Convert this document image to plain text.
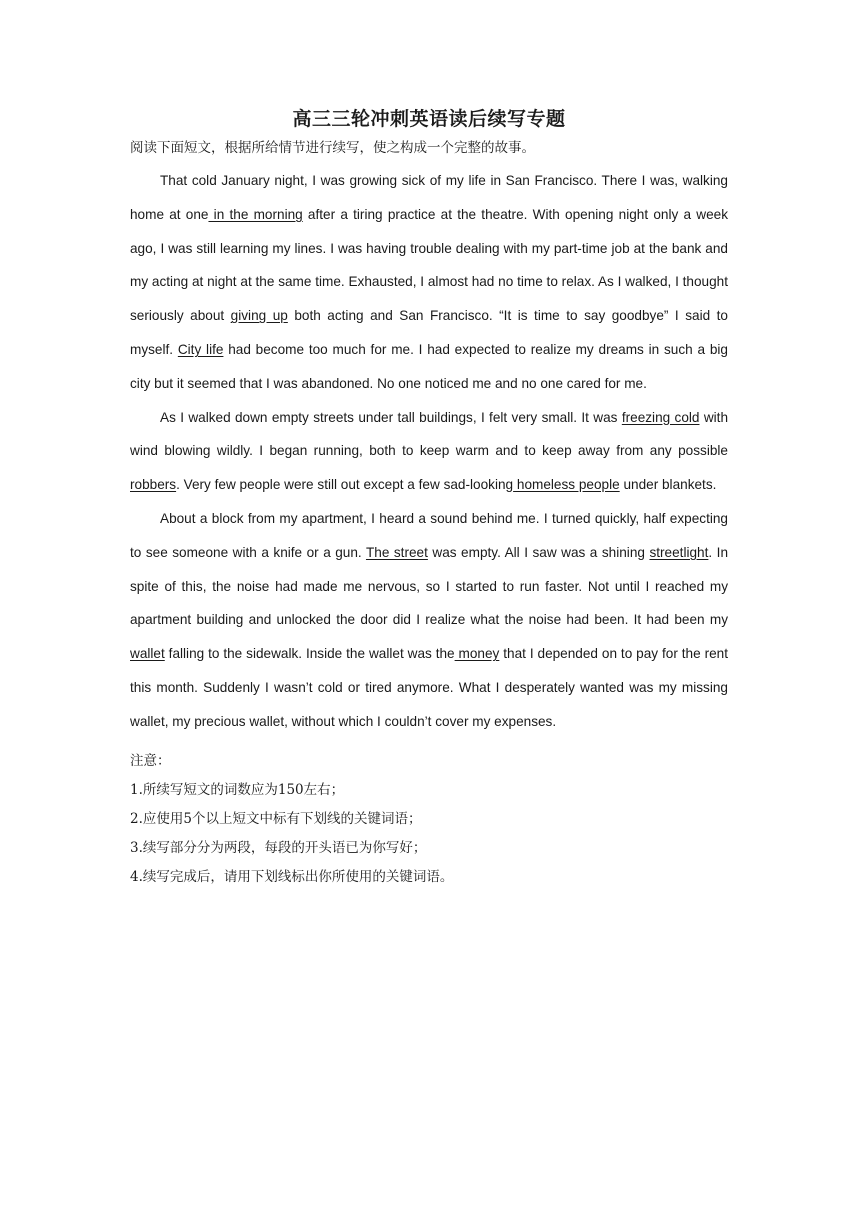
高三三轮冲刺英语读后续写专题

阅读下面短文，根据所给情节进行续写，使之构成一个完整的故事。

That cold January night, I was growing sick of my life in San Francisco. There I was, walking home at one in the morning after a tiring practice at the theatre. With opening night only a week ago, I was still learning my lines. I was having trouble dealing with my part-time job at the bank and my acting at night at the same time. Exhausted, I almost had no time to relax. As I walked, I thought seriously about giving up both acting and San Francisco. “It is time to say goodbye” I said to myself. City life had become too much for me. I had expected to realize my dreams in such a big city but it seemed that I was abandoned. No one noticed me and no one cared for me.

As I walked down empty streets under tall buildings, I felt very small. It was freezing cold with wind blowing wildly. I began running, both to keep warm and to keep away from any possible robbers. Very few people were still out except a few sad-looking homeless people under blankets.

About a block from my apartment, I heard a sound behind me. I turned quickly, half expecting to see someone with a knife or a gun. The street was empty. All I saw was a shining streetlight. In spite of this, the noise had made me nervous, so I started to run faster. Not until I reached my apartment building and unlocked the door did I realize what the noise had been. It had been my wallet falling to the sidewalk. Inside the wallet was the money that I depended on to pay for the rent this month. Suddenly I wasn’t cold or tired anymore. What I desperately wanted was my missing wallet, my precious wallet, without which I couldn’t cover my expenses.

注意：
1.所续写短文的词数应为150左右；
2.应使用5个以上短文中标有下划线的关键词语；
3.续写部分分为两段，每段的开头语已为你写好；
4.续写完成后，请用下划线标出你所使用的关键词语。
